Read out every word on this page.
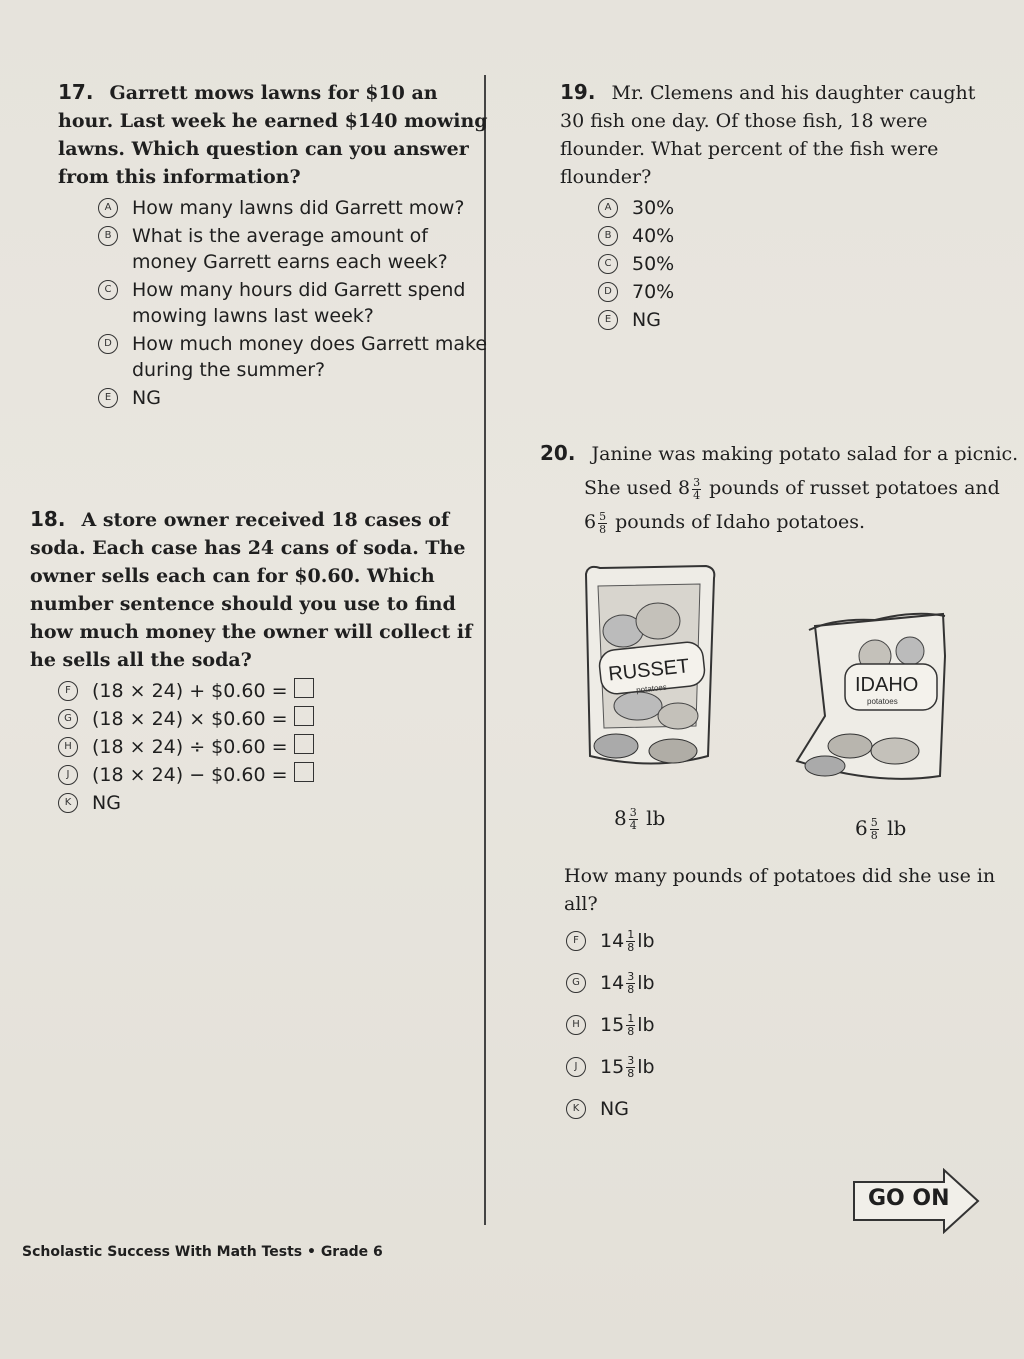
17. Garrett mows lawns for $10 an hour. Last week he earned $140 mowing lawns. Which question can you answer from this information?
A	How many lawns did Garrett mow?
B	What is the average amount of money Garrett earns each week?
C	How many hours did Garrett spend mowing lawns last week?
D	How much money does Garrett make during the summer?
E	NG
18. A store owner received 18 cases of soda. Each case has 24 cans of soda. The owner sells each can for $0.60. Which number sentence should you use to find how much money the owner will collect if he sells all the soda?
F	(18 × 24) + $0.60 =
G	(18 × 24) × $0.60 =
H	(18 × 24) ÷ $0.60 =
J	(18 × 24) − $0.60 =
K	NG
19. Mr. Clemens and his daughter caught 30 fish one day. Of those fish, 18 were flounder. What percent of the fish were flounder?
A	30%
B	40%
C	50%
D	70%
E	NG
20. Janine was making potato salad for a picnic.
She used $8 \frac{3}{4}$ pounds of russet potatoes and
$6 \frac{5}{8}$ pounds of Idaho potatoes.
RUSSET
potatoes	IDAHO
potatoes
$8 \frac{3}{4}$ lb	$6 \frac{5}{8}$ lb
How many pounds of potatoes did she use in all?
F	$14 \frac{1}{8}$ lb
G	$14 \frac{3}{8}$ lb
H	$15 \frac{1}{8}$ lb
J	$15 \frac{3}{8}$ lb
K	NG
GO ON
Scholastic Success With Math Tests • Grade 6
